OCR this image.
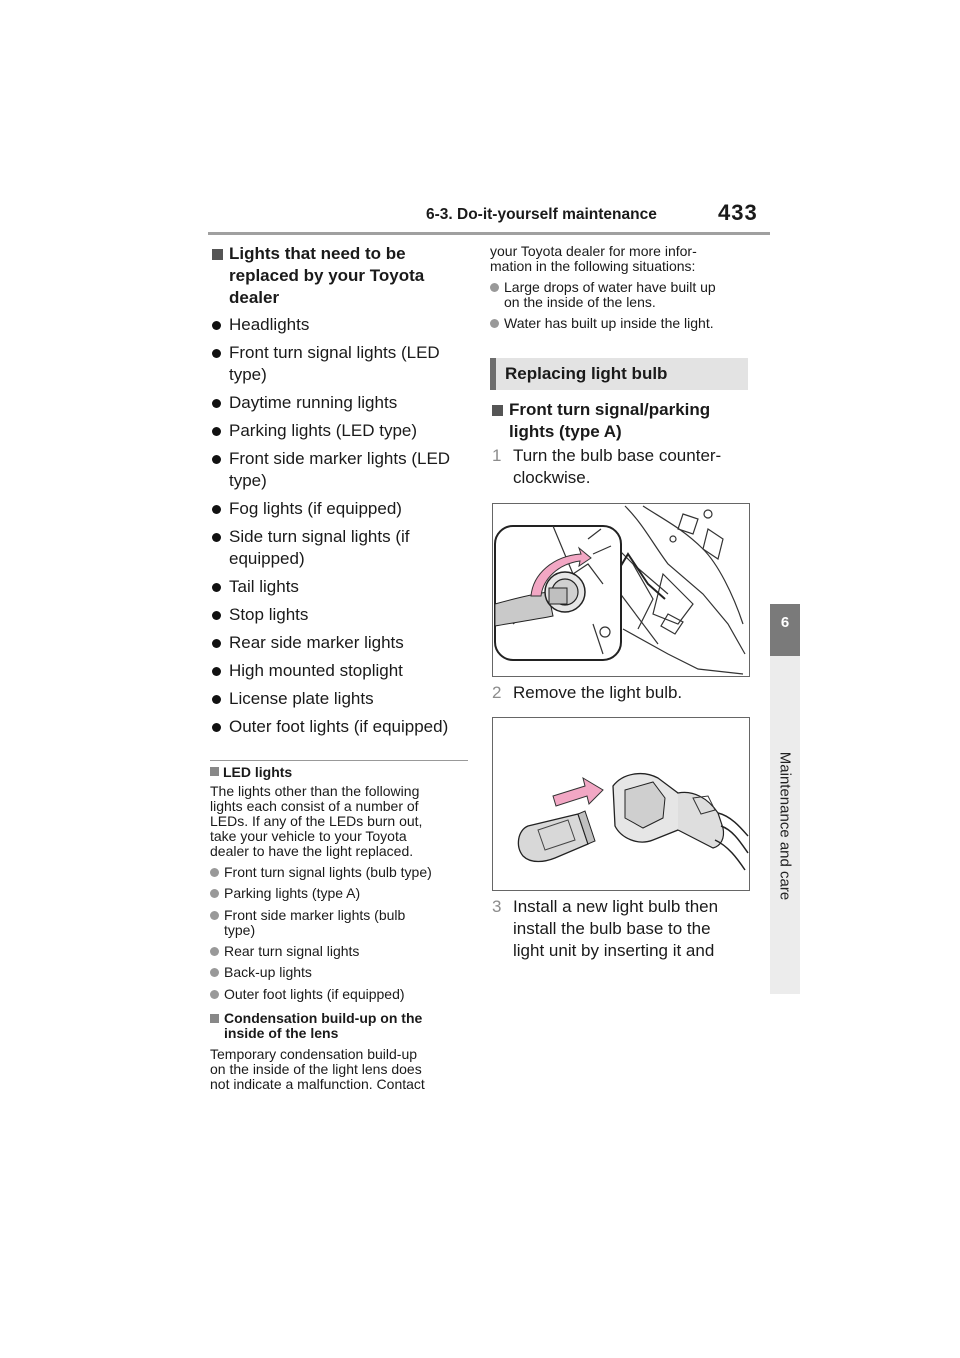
6-3. Do-it-yourself maintenance	433
6
Maintenance and care
Lights that need to be
replaced by your Toyota
dealer
Headlights
Front turn signal lights (LED
type)
Daytime running lights
Parking lights (LED type)
Front side marker lights (LED
type)
Fog lights (if equipped)
Side turn signal lights (if
equipped)
Tail lights
Stop lights
Rear side marker lights
High mounted stoplight
License plate lights
Outer foot lights (if equipped)
LED lights
The lights other than the following
lights each consist of a number of
LEDs. If any of the LEDs burn out,
take your vehicle to your Toyota
dealer to have the light replaced.
Front turn signal lights (bulb type)
Parking lights (type A)
Front side marker lights (bulb
type)
Rear turn signal lights
Back-up lights
Outer foot lights (if equipped)
Condensation build-up on the
inside of the lens
Temporary condensation build-up
on the inside of the light lens does
not indicate a malfunction. Contact
your Toyota dealer for more infor-
mation in the following situations:
Large drops of water have built up
on the inside of the lens.
Water has built up inside the light.
Replacing light bulb
Front turn signal/parking
lights (type A)
1 Turn the bulb base counter-
clockwise.
2 Remove the light bulb.
3 Install a new light bulb then
install the bulb base to the
light unit by inserting it and
